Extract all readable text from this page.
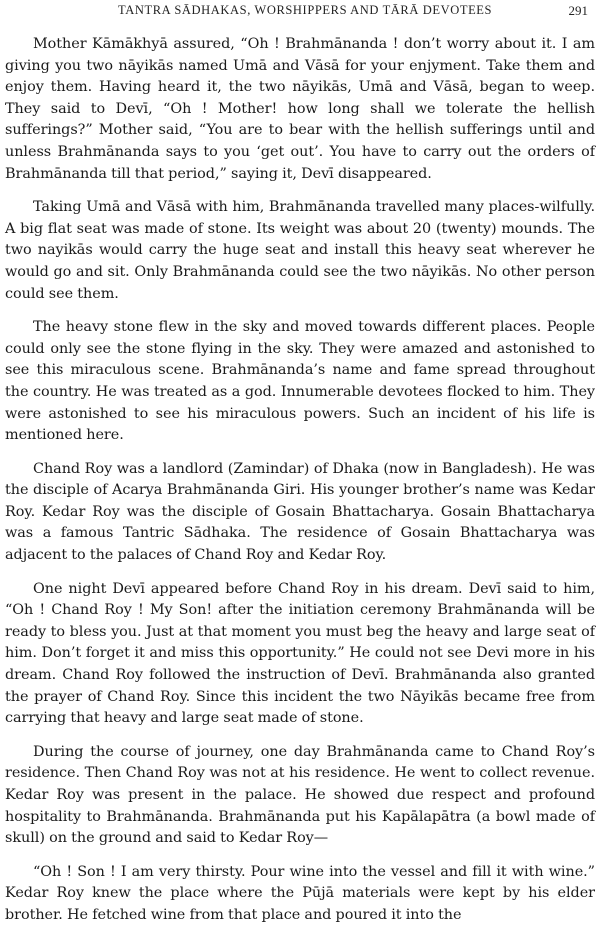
TANTRA SĀDHAKAS, WORSHIPPERS AND TĀRĀ DEVOTEES	291

Mother Kāmākhyā assured, “Oh ! Brahmānanda ! don’t worry about it. I am giving you two nāyikās named Umā and Vāsā for your enjyment. Take them and enjoy them. Having heard it, the two nāyikās, Umā and Vāsā, began to weep. They said to Devī, “Oh ! Mother! how long shall we tolerate the hellish sufferings?” Mother said, “You are to bear with the hellish sufferings until and unless Brahmānanda says to you ‘get out’. You have to carry out the orders of Brahmānanda till that period,” saying it, Devī disappeared.

Taking Umā and Vāsā with him, Brahmānanda travelled many places-wilfully. A big flat seat was made of stone. Its weight was about 20 (twenty) mounds. The two nayikās would carry the huge seat and install this heavy seat wherever he would go and sit. Only Brahmānanda could see the two nāyikās. No other person could see them.

The heavy stone flew in the sky and moved towards different places. People could only see the stone flying in the sky. They were amazed and astonished to see this miraculous scene. Brahmānanda’s name and fame spread throughout the country. He was treated as a god. Innumerable devotees flocked to him. They were astonished to see his miraculous powers. Such an incident of his life is mentioned here.

Chand Roy was a landlord (Zamindar) of Dhaka (now in Bangladesh). He was the disciple of Acarya Brahmānanda Giri. His younger brother’s name was Kedar Roy. Kedar Roy was the disciple of Gosain Bhattacharya. Gosain Bhattacharya was a famous Tantric Sādhaka. The residence of Gosain Bhattacharya was adjacent to the palaces of Chand Roy and Kedar Roy.

One night Devī appeared before Chand Roy in his dream. Devī said to him, “Oh ! Chand Roy ! My Son! after the initiation ceremony Brahmānanda will be ready to bless you. Just at that moment you must beg the heavy and large seat of him. Don’t forget it and miss this opportunity.” He could not see Devi more in his dream. Chand Roy followed the instruction of Devī. Brahmānanda also granted the prayer of Chand Roy. Since this incident the two Nāyikās became free from carrying that heavy and large seat made of stone.

During the course of journey, one day Brahmānanda came to Chand Roy’s residence. Then Chand Roy was not at his residence. He went to collect revenue. Kedar Roy was present in the palace. He showed due respect and profound hospitality to Brahmānanda. Brahmānanda put his Kapālapātra (a bowl made of skull) on the ground and said to Kedar Roy—

“Oh ! Son ! I am very thirsty. Pour wine into the vessel and fill it with wine.” Kedar Roy knew the place where the Pūjā materials were kept by his elder brother. He fetched wine from that place and poured it into the
